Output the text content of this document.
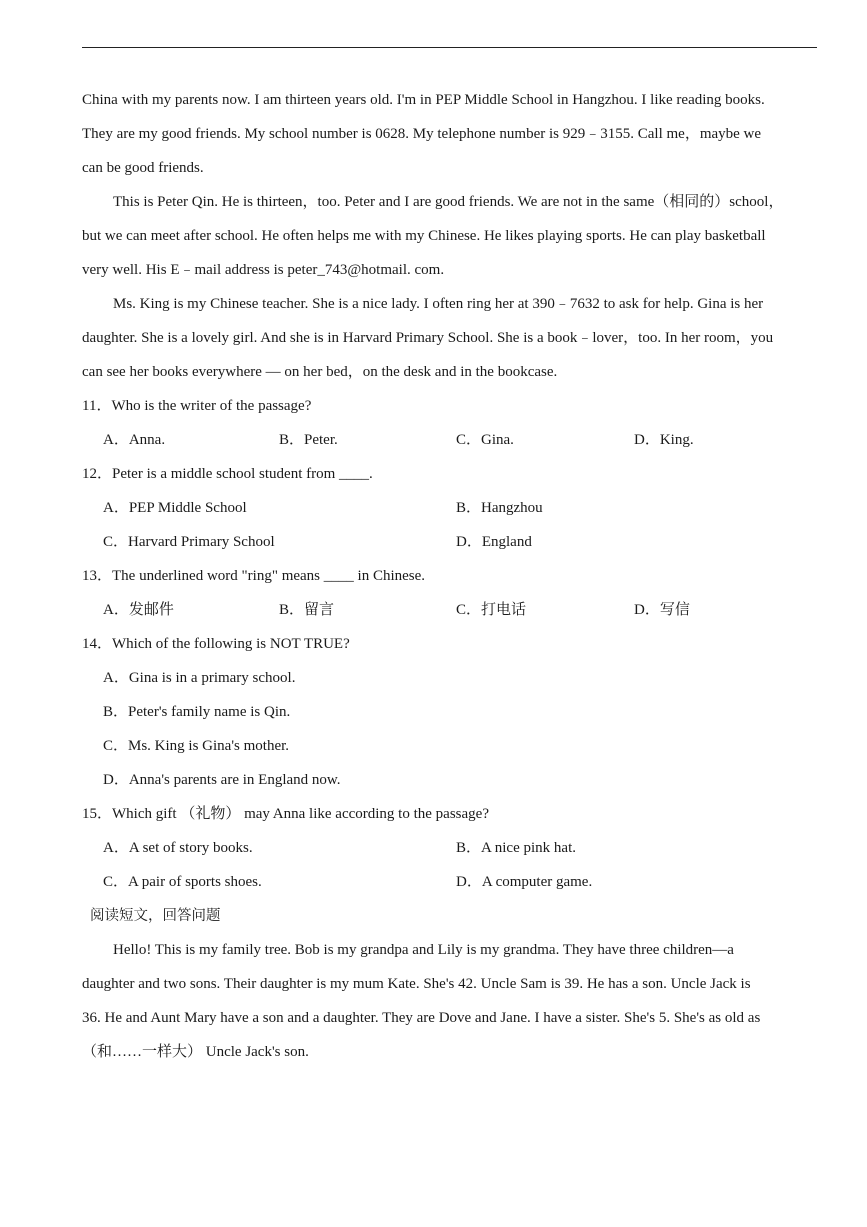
China with my parents now. I am thirteen years old. I'm in PEP Middle School in Hangzhou. I like reading books.
They are my good friends. My school number is 0628. My telephone number is 929﹣3155. Call me，maybe we
can be good friends.
This is Peter Qin. He is thirteen，too. Peter and I are good friends. We are not in the same（相同的）school，
but we can meet after school. He often helps me with my Chinese. He likes playing sports. He can play basketball
very well. His E﹣mail address is peter_743@hotmail. com.
Ms. King is my Chinese teacher. She is a nice lady. I often ring her at 390﹣7632 to ask for help. Gina is her
daughter. She is a lovely girl. And she is in Harvard Primary School. She is a book﹣lover，too. In her room，you
can see her books everywhere — on her bed，on the desk and in the bookcase.
11．Who is the writer of the passage?
A．Anna.	B．Peter.	C．Gina.	D．King.
12．Peter is a middle school student from ____.
A．PEP Middle School	B．Hangzhou
C．Harvard Primary School	D．England
13．The underlined word "ring" means ____ in Chinese.
A．发邮件	B．留言	C．打电话	D．写信
14．Which of the following is NOT TRUE?
A．Gina is in a primary school.
B．Peter's family name is Qin.
C．Ms. King is Gina's mother.
D．Anna's parents are in England now.
15．Which gift （礼物） may Anna like according to the passage?
A．A set of story books.	B．A nice pink hat.
C．A pair of sports shoes.	D．A computer game.
阅读短文，回答问题
Hello! This is my family tree. Bob is my grandpa and Lily is my grandma. They have three children—a
daughter and two sons. Their daughter is my mum Kate. She's 42. Uncle Sam is 39. He has a son. Uncle Jack is
36. He and Aunt Mary have a son and a daughter. They are Dove and Jane. I have a sister. She's 5. She's as old as
（和……一样大） Uncle Jack's son.
